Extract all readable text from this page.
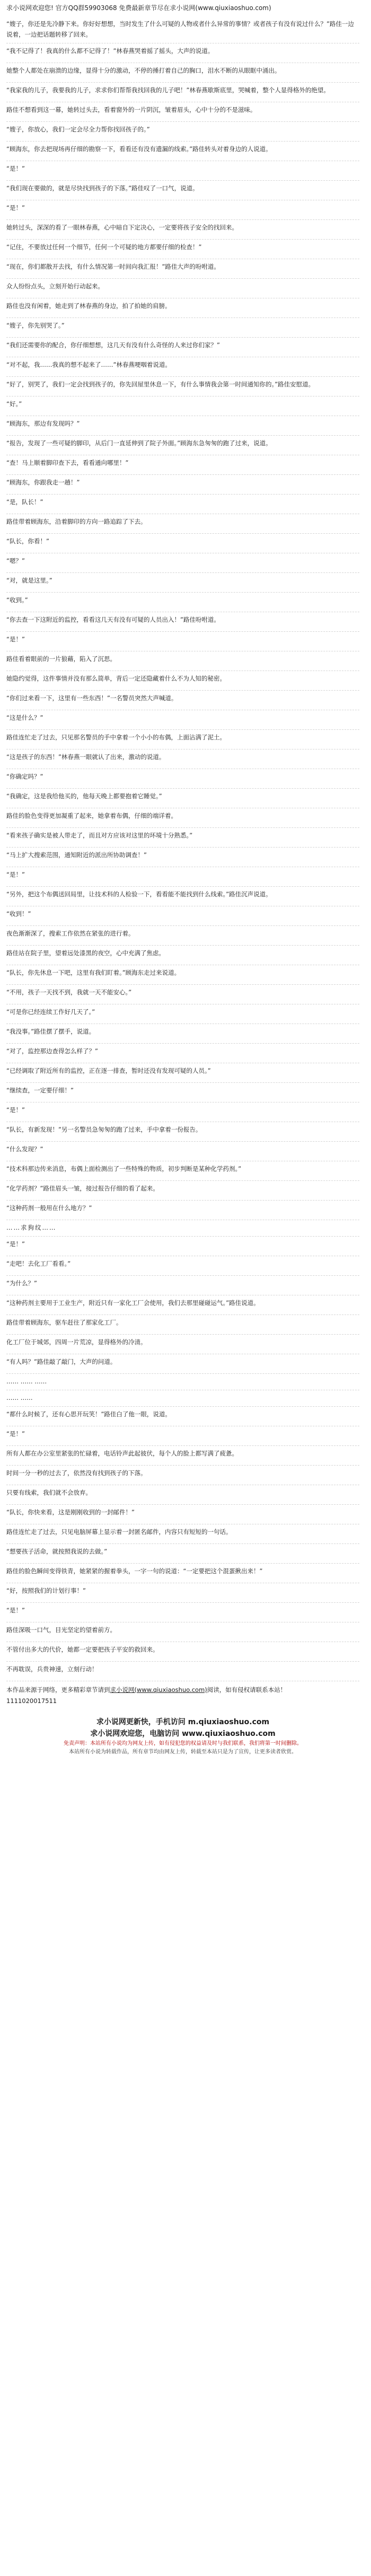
求小说网欢迎您! 官方QQ群59903068 免费最新章节尽在求小说网(www.qiuxiaoshuo.com)

“嫂子，你还是先冷静下来。你好好想想，当时发生了什么可疑的人物或者什么异常的事情？或者孩子有没有说过什么？”路佳一边说着，一边把话题转移了回来。

“我不记得了！我真的什么都不记得了！”林春燕哭着摇了摇头，大声的说道。

她整个人都处在崩溃的边缘，显得十分的激动，不停的捶打着自己的胸口，泪水不断的从眼眶中涌出。

“我家我的儿子，我要我的儿子，求求你们帮帮我找回我的儿子吧！”林春燕歇斯底里，哭喊着，整个人显得格外的绝望。

路佳不想看到这一幕，她转过头去，看着窗外的一片阴沉，皱着眉头，心中十分的不是滋味。

“嫂子，你放心，我们一定会尽全力帮你找回孩子的。”

“顾海东，你去把现场再仔细的勘察一下，看看还有没有遗漏的线索。”路佳转头对着身边的人说道。

“是！”

“我们现在要做的，就是尽快找到孩子的下落。”路佳叹了一口气，说道。

“是！”

她转过头，深深的看了一眼林春燕，心中暗自下定决心，一定要将孩子安全的找回来。

“记住，不要放过任何一个细节，任何一个可疑的地方都要仔细的检查！”

“现在，你们都散开去找，有什么情况第一时间向我汇报！”路佳大声的吩咐道。

众人纷纷点头，立刻开始行动起来。

路佳也没有闲着，她走到了林春燕的身边，拍了拍她的肩膀。

“嫂子，你先别哭了。”

“我们还需要你的配合，你仔细想想，这几天有没有什么奇怪的人来过你们家？”

“对不起，我……我真的想不起来了……”林春燕哽咽着说道。

“好了，别哭了，我们一定会找到孩子的，你先回屋里休息一下，有什么事情我会第一时间通知你的。”路佳安慰道。

“好。”

“顾海东，那边有发现吗？”

“报告，发现了一些可疑的脚印，从后门一直延伸到了院子外面。”顾海东急匆匆的跑了过来，说道。

“查！马上顺着脚印查下去，看看通向哪里！”

“顾海东，你跟我走一趟！”

“是，队长！”

路佳带着顾海东，沿着脚印的方向一路追踪了下去。

“队长，你看！”

“嗯？”

“对，就是这里。”

“收到。”

“你去查一下这附近的监控，看看这几天有没有可疑的人员出入！”路佳吩咐道。

“是！”

路佳看着眼前的一片狼藉，陷入了沉思。

她隐约觉得，这件事情并没有那么简单，背后一定还隐藏着什么不为人知的秘密。

“你们过来看一下，这里有一些东西！”一名警员突然大声喊道。

“这是什么？”

路佳连忙走了过去，只见那名警员的手中拿着一个小小的布偶，上面沾满了泥土。

“这是孩子的东西！”林春燕一眼就认了出来，激动的说道。

“你确定吗？”

“我确定，这是我给他买的，他每天晚上都要抱着它睡觉。”

路佳的脸色变得更加凝重了起来，她拿着布偶，仔细的端详着。

“看来孩子确实是被人带走了，而且对方应该对这里的环境十分熟悉。”

“马上扩大搜索范围，通知附近的派出所协助调查！”

“是！”

“另外，把这个布偶送回局里，让技术科的人检验一下，看看能不能找到什么线索。”路佳沉声说道。

“收到！”

夜色渐渐深了，搜索工作依然在紧张的进行着。

路佳站在院子里，望着远处漆黑的夜空，心中充满了焦虑。

“队长，你先休息一下吧，这里有我们盯着。”顾海东走过来说道。

“不用，孩子一天找不到，我就一天不能安心。”

“可是你已经连续工作好几天了。”

“我没事。”路佳摆了摆手，说道。

“对了，监控那边查得怎么样了？”

“已经调取了附近所有的监控，正在逐一排查，暂时还没有发现可疑的人员。”

“继续查，一定要仔细！”

“是！”

“队长，有新发现！”另一名警员急匆匆的跑了过来，手中拿着一份报告。

“什么发现？”

“技术科那边传来消息，布偶上面检测出了一些特殊的物质，初步判断是某种化学药剂。”

“化学药剂？”路佳眉头一皱，接过报告仔细的看了起来。

“这种药剂一般用在什么地方？”

……求狗纹……

“是！”

“走吧！去化工厂看看。”

“为什么？”

“这种药剂主要用于工业生产，附近只有一家化工厂会使用，我们去那里碰碰运气。”路佳说道。

路佳带着顾海东，驱车赶往了那家化工厂。

化工厂位于城郊，四周一片荒凉，显得格外的冷清。

“有人吗？”路佳敲了敲门，大声的问道。

…… …… ……
…… ……

“都什么时候了，还有心思开玩笑！”路佳白了他一眼，说道。

“是！”

所有人都在办公室里紧张的忙碌着，电话铃声此起彼伏，每个人的脸上都写满了疲惫。

时间一分一秒的过去了，依然没有找到孩子的下落。

只要有线索，我们就不会放弃。

“队长，你快来看，这是刚刚收到的一封邮件！”

路佳连忙走了过去，只见电脑屏幕上显示着一封匿名邮件，内容只有短短的一句话。

“想要孩子活命，就按照我说的去做。”

路佳的脸色瞬间变得铁青，她紧紧的握着拳头，一字一句的说道：“一定要把这个混蛋揪出来！”

“好，按照我们的计划行事！”

“是！”

路佳深吸一口气，目光坚定的望着前方。

不管付出多大的代价，她都一定要把孩子平安的救回来。

不再耽误，兵贵神速，立刻行动！

本作品来源于网络，更多精彩章节请到求小说网(www.qiuxiaoshuo.com)阅读，如有侵权请联系本站！
1111020017511
求小说网更新快，手机访问 m.qiuxiaoshuo.com
求小说网欢迎您，电脑访问 www.qiuxiaoshuo.com
免责声明：本站所有小说均为网友上传，如有侵犯您的权益请及时与我们联系，我们将第一时间删除。
本站所有小说为转载作品，所有章节均由网友上传，转载至本站只是为了宣传，让更多读者欣赏。
